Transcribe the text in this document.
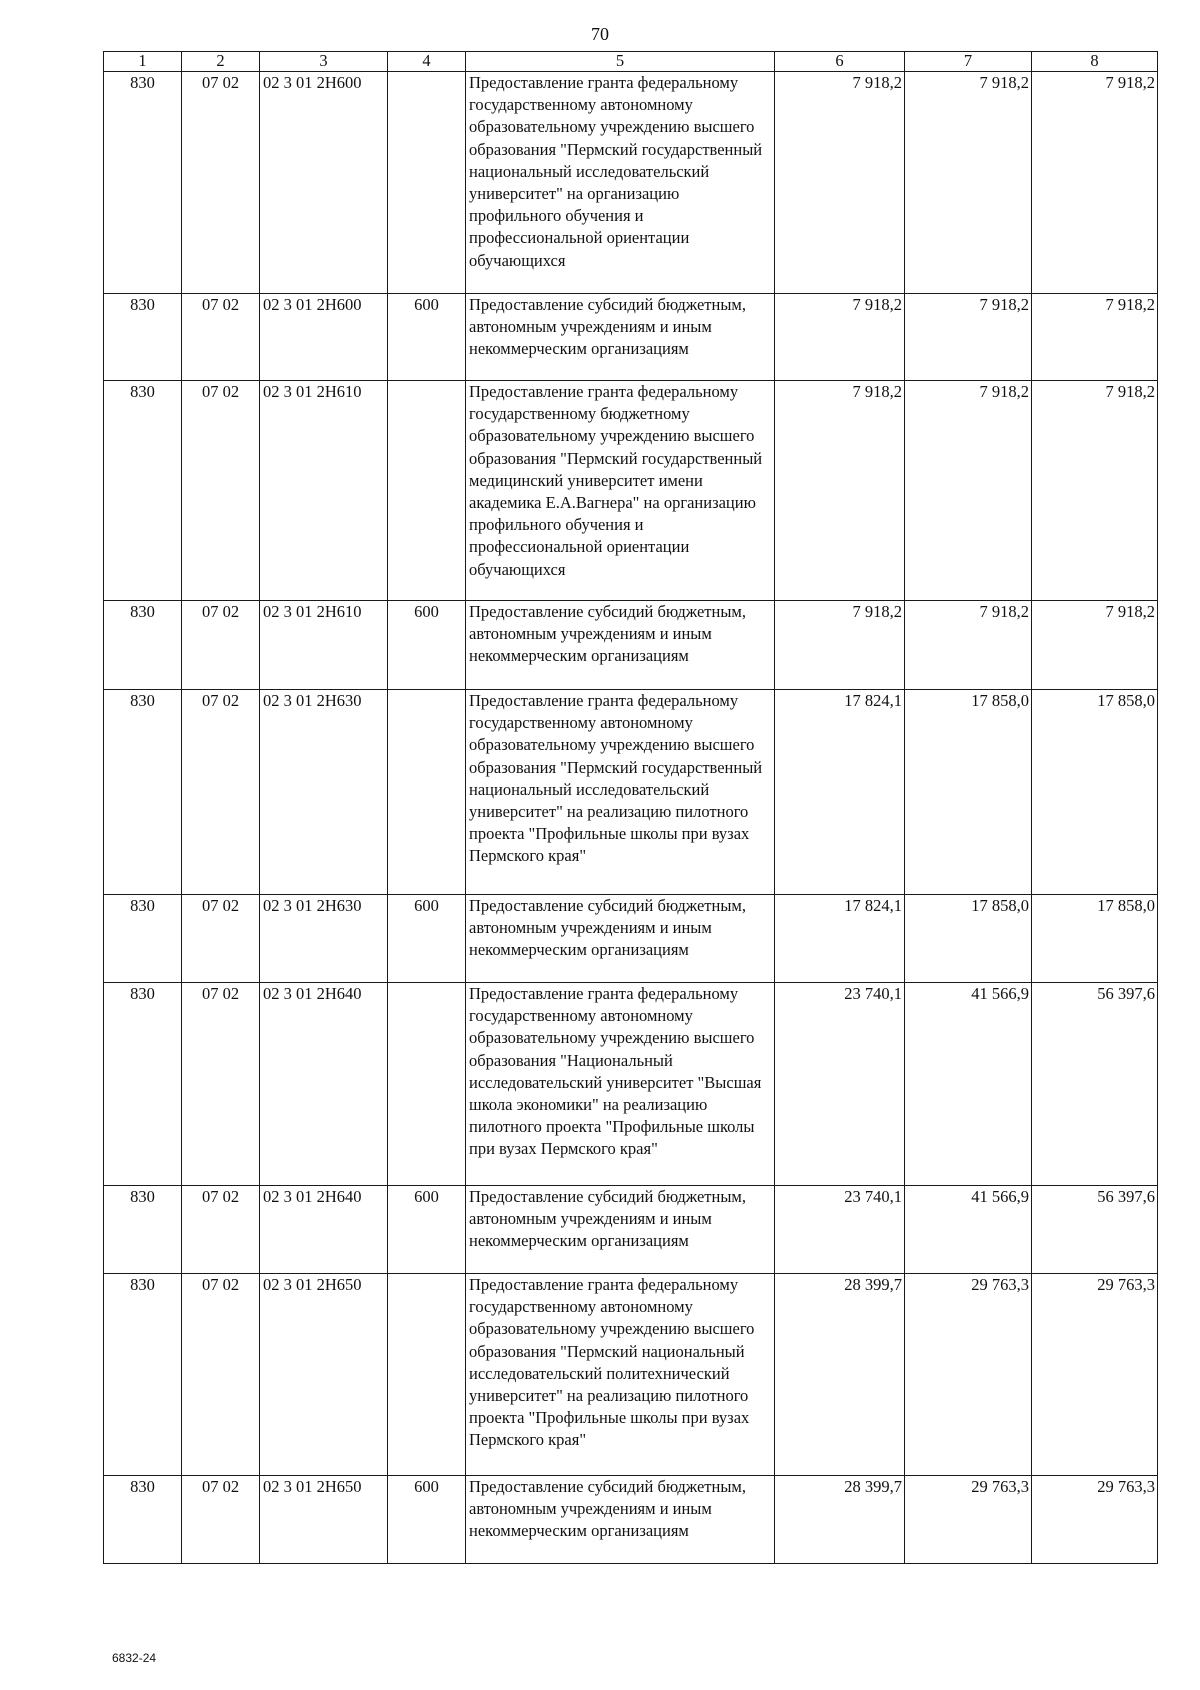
70
1	2	3	4	5	6	7	8
830	07 02	02 3 01 2Н600		Предоставление гранта федеральному государственному автономному образовательному учреждению высшего образования "Пермский государственный национальный исследовательский университет" на организацию профильного обучения и профессиональной ориентации обучающихся	7 918,2	7 918,2	7 918,2
830	07 02	02 3 01 2Н600	600	Предоставление субсидий бюджетным, автономным учреждениям и иным некоммерческим организациям	7 918,2	7 918,2	7 918,2
830	07 02	02 3 01 2Н610		Предоставление гранта федеральному государственному бюджетному образовательному учреждению высшего образования "Пермский государственный медицинский университет имени академика Е.А.Вагнера" на организацию профильного обучения и профессиональной ориентации обучающихся	7 918,2	7 918,2	7 918,2
830	07 02	02 3 01 2Н610	600	Предоставление субсидий бюджетным, автономным учреждениям и иным некоммерческим организациям	7 918,2	7 918,2	7 918,2
830	07 02	02 3 01 2Н630		Предоставление гранта федеральному государственному автономному образовательному учреждению высшего образования "Пермский государственный национальный исследовательский университет" на реализацию пилотного проекта "Профильные школы при вузах Пермского края"	17 824,1	17 858,0	17 858,0
830	07 02	02 3 01 2Н630	600	Предоставление субсидий бюджетным, автономным учреждениям и иным некоммерческим организациям	17 824,1	17 858,0	17 858,0
830	07 02	02 3 01 2Н640		Предоставление гранта федеральному государственному автономному образовательному учреждению высшего образования "Национальный исследовательский университет "Высшая школа экономики" на реализацию пилотного проекта "Профильные школы при вузах Пермского края"	23 740,1	41 566,9	56 397,6
830	07 02	02 3 01 2Н640	600	Предоставление субсидий бюджетным, автономным учреждениям и иным некоммерческим организациям	23 740,1	41 566,9	56 397,6
830	07 02	02 3 01 2Н650		Предоставление гранта федеральному государственному автономному образовательному учреждению высшего образования "Пермский национальный исследовательский политехнический университет" на реализацию пилотного проекта "Профильные школы при вузах Пермского края"	28 399,7	29 763,3	29 763,3
830	07 02	02 3 01 2Н650	600	Предоставление субсидий бюджетным, автономным учреждениям и иным некоммерческим организациям	28 399,7	29 763,3	29 763,3
6832-24
